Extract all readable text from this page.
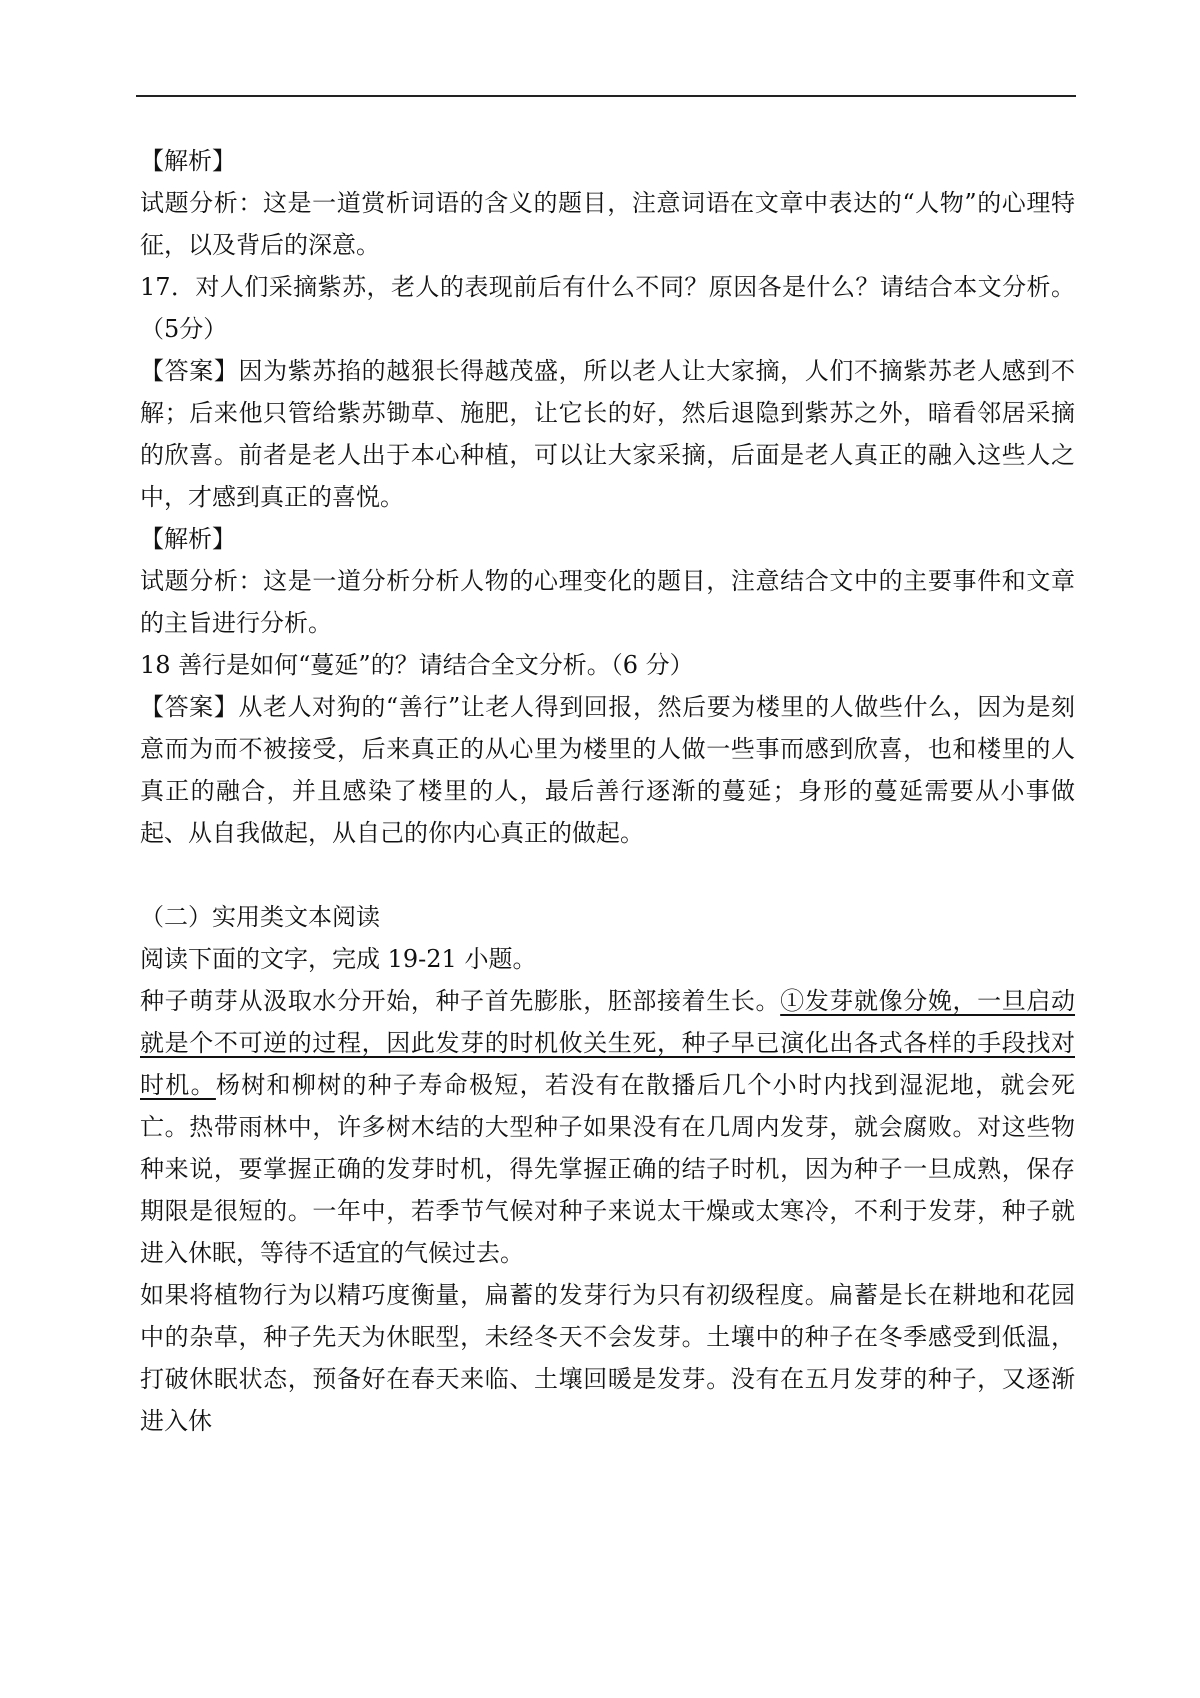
【解析】

试题分析：这是一道赏析词语的含义的题目，注意词语在文章中表达的“人物”的心理特征，以及背后的深意。

17．对人们采摘紫苏，老人的表现前后有什么不同？原因各是什么？请结合本文分析。（5分）

【答案】因为紫苏掐的越狠长得越茂盛，所以老人让大家摘，人们不摘紫苏老人感到不解；后来他只管给紫苏锄草、施肥，让它长的好，然后退隐到紫苏之外，暗看邻居采摘的欣喜。前者是老人出于本心种植，可以让大家采摘，后面是老人真正的融入这些人之中，才感到真正的喜悦。

【解析】

试题分析：这是一道分析分析人物的心理变化的题目，注意结合文中的主要事件和文章的主旨进行分析。

18 善行是如何“蔓延”的？请结合全文分析。（6 分）

【答案】从老人对狗的“善行”让老人得到回报，然后要为楼里的人做些什么，因为是刻意而为而不被接受，后来真正的从心里为楼里的人做一些事而感到欣喜，也和楼里的人真正的融合，并且感染了楼里的人，最后善行逐渐的蔓延；身形的蔓延需要从小事做起、从自我做起，从自己的你内心真正的做起。

（二）实用类文本阅读

阅读下面的文字，完成 19-21 小题。

种子萌芽从汲取水分开始，种子首先膨胀，胚部接着生长。①发芽就像分娩，一旦启动就是个不可逆的过程，因此发芽的时机攸关生死，种子早已演化出各式各样的手段找对时机。杨树和柳树的种子寿命极短，若没有在散播后几个小时内找到湿泥地，就会死亡。热带雨林中，许多树木结的大型种子如果没有在几周内发芽，就会腐败。对这些物种来说，要掌握正确的发芽时机，得先掌握正确的结子时机，因为种子一旦成熟，保存期限是很短的。一年中，若季节气候对种子来说太干燥或太寒冷，不利于发芽，种子就进入休眠，等待不适宜的气候过去。

如果将植物行为以精巧度衡量，扁蓄的发芽行为只有初级程度。扁蓄是长在耕地和花园中的杂草，种子先天为休眠型，未经冬天不会发芽。土壤中的种子在冬季感受到低温，打破休眠状态，预备好在春天来临、土壤回暖是发芽。没有在五月发芽的种子，又逐渐进入休
